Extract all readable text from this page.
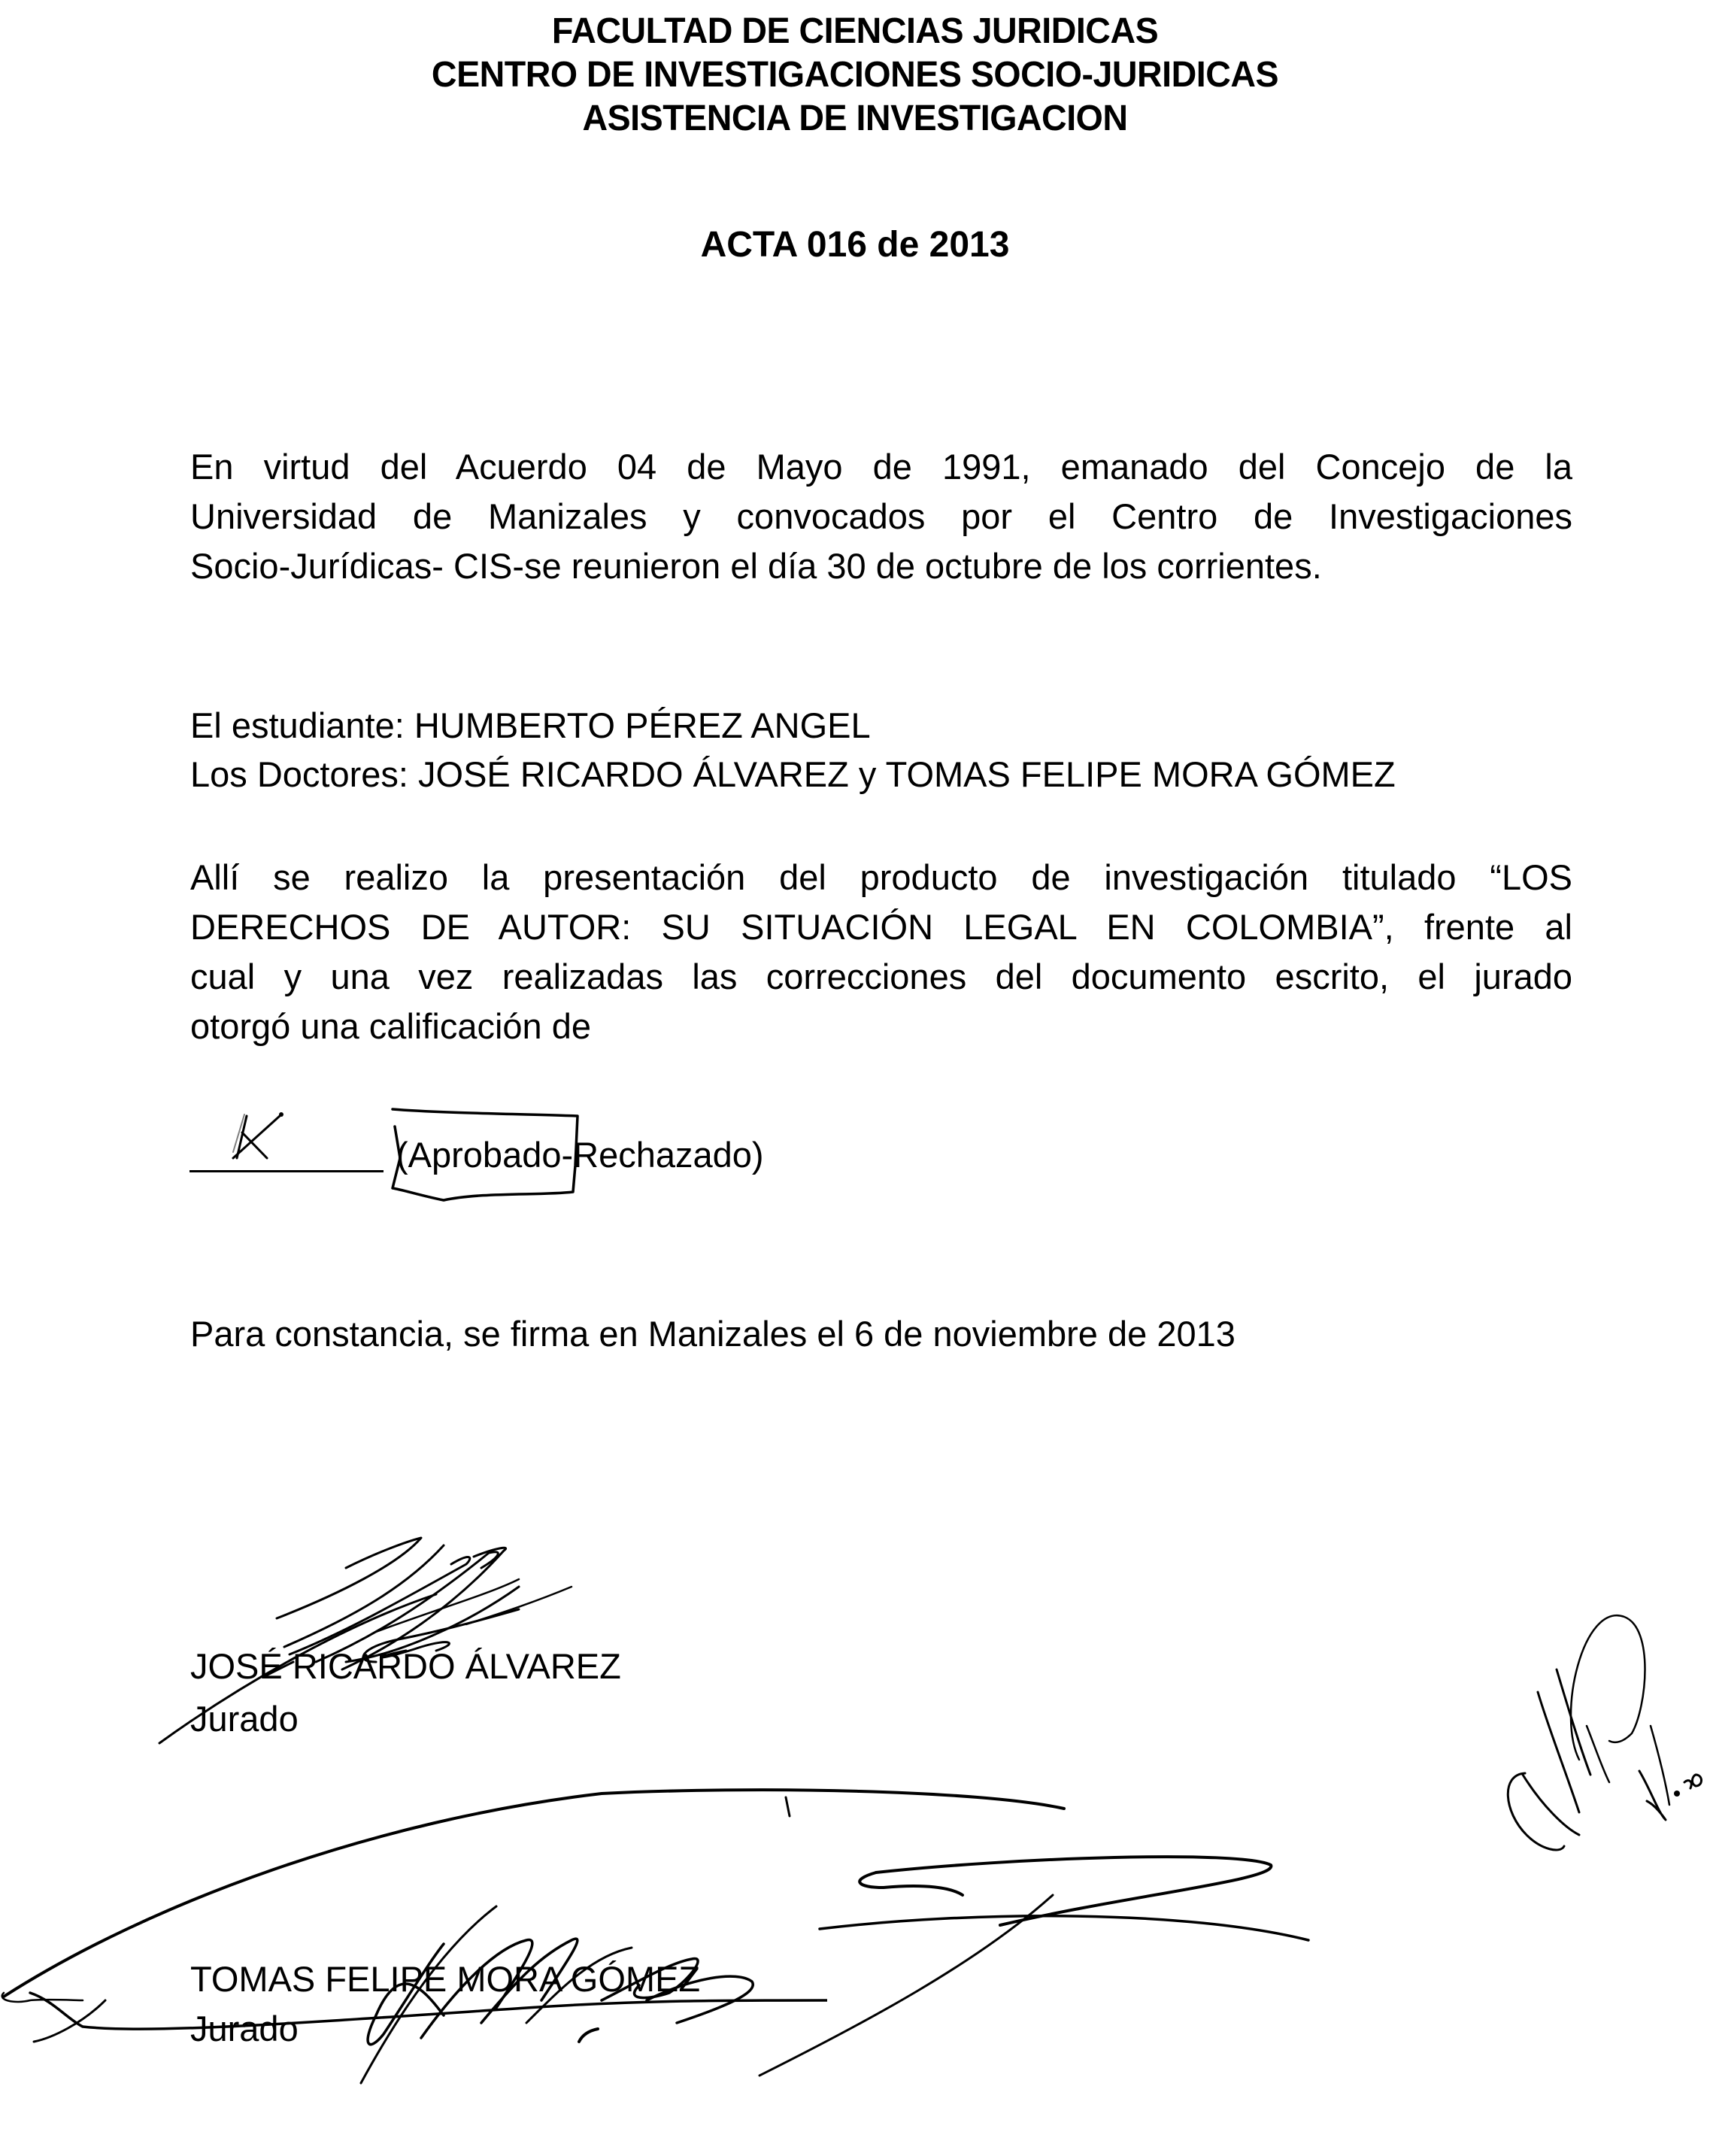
FACULTAD DE CIENCIAS JURIDICAS
CENTRO DE INVESTIGACIONES SOCIO-JURIDICAS
ASISTENCIA DE INVESTIGACION
ACTA 016 de 2013
En virtud del Acuerdo 04 de Mayo de 1991, emanado del Concejo de la
Universidad de Manizales y convocados por el Centro de Investigaciones
Socio-Jurídicas- CIS-se reunieron el día 30 de octubre de los corrientes.
El estudiante: HUMBERTO PÉREZ ANGEL
Los Doctores: JOSÉ RICARDO ÁLVAREZ y TOMAS FELIPE MORA GÓMEZ
Allí se realizo la presentación del producto de investigación titulado “LOS
DERECHOS DE AUTOR: SU SITUACIÓN LEGAL EN COLOMBIA”, frente al
cual y una vez realizadas las correcciones del documento escrito, el jurado
otorgó una calificación de
(Aprobado-Rechazado)
Para constancia, se firma en Manizales el 6 de noviembre de 2013
JOSÉ RICARDO ÁLVAREZ
Jurado
TOMAS FELIPE MORA GÓMEZ
Jurado
